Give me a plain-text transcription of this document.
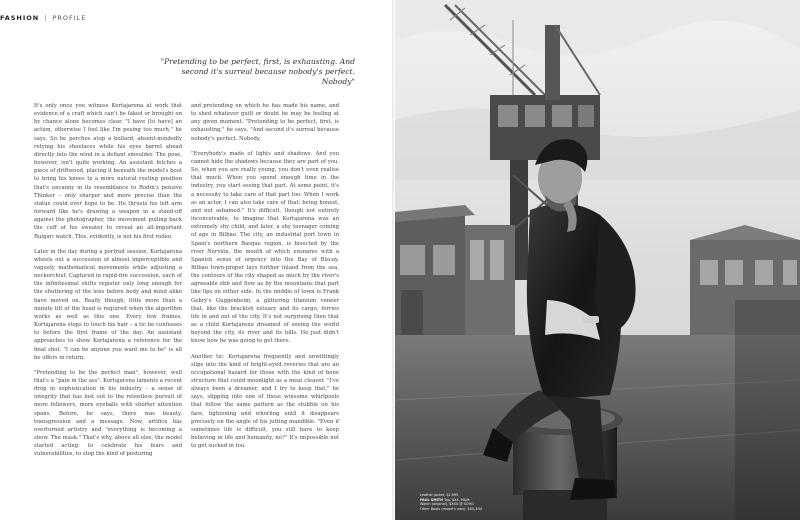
FASHION | PROFILE
"Pretending to be perfect, first, is exhausting. And second it's surreal because nobody's perfect. Nobody"

It's only once you witness Kortajarena at work that evidence of a craft which can't be faked or brought on by chance alone becomes clear. "I have [to have] an action, otherwise I feel like I'm posing too much," he says. So he perches atop a bollard, absent-mindedly retying his shoelaces while his eyes barrel ahead directly into the wind in a defiant smoulder. The pose, however, isn't quite working. An assistant fetches a piece of driftwood, placing it beneath the model's boot to bring his knees to a more natural resting position that's uncanny in its resemblance to Rodin's pensive Thinker – only sharper and more precise than the statue could ever hope to be. He thrusts his left arm forward like he's drawing a weapon in a stand-off against the photographer, the movement pulling back the cuff of his sweater to reveal an all-important Bulgari watch. This, evidently, is not his first rodeo.

Later in the day during a portrait session, Kortajarena wheels out a succession of almost imperceptible and vaguely mathematical movements while adjusting a neckerchief. Captured in rapid-fire succession, each of the infinitesimal shifts register only long enough for the shuttering of the lens before body and mind alike have moved on. Really though, little more than a minute tilt of the head is required when the algorithm works as well as this one. Every few frames, Kortajarena stops to touch his hair – a tic he confesses to before the first frame of the day. An assistant approaches to show Kortajarena a reference for the final shot. "I can be anyone you want me to be" is all he offers in return.

"Pretending to be the perfect man", however, well that's a "pain in the ass". Kortajarena laments a recent drop in sophistication in his industry – a sense of integrity that has lost out to the relentless pursuit of more followers, more eyeballs with shorter attention spans. Before, he says, there was beauty, transgression and a message. Now, artifice has overturned artistry and "everything is becoming a show. The mask." That's why, above all else, the model started acting: to celebrate his fears and vulnerabilities, to stop the kind of posturing

and pretending on which he has made his name, and to shed whatever guilt or doubt he may be feeling at any given moment. "Pretending to be perfect, first, is exhausting," he says. "And second it's surreal because nobody's perfect. Nobody.

"Everybody's made of lights and shadows. And you cannot hide the shadows because they are part of you. So, when you are really young, you don't even realise that much. When you spend enough time in the industry, you start seeing that part. At some point, it's a necessity to take care of that part too. When I work as an actor, I can also take care of that: being honest, and not ashamed." It's difficult, though not entirely inconceivable, to imagine that Kortajarena was an extremely shy child, and later, a shy teenager coming of age in Bilbao. The city, an industrial port town in Spain's northern Basque region, is bisected by the river Nervión, the mouth of which ensnares with a Spanish sense of urgency into the Bay of Biscay. Bilbao town-proper lays further inland from the sea, the contours of the city shaped as much by the river's agreeable ebb and flow as by the mountains that part like lips on either side. In the middle of town is Frank Gehry's Guggenheim, a glittering titanium veneer that, like the brackish estuary and its cargo, ferries life in and out of the city. It's not surprising then that as a child Kortajarena dreamed of seeing the world beyond the city, its river and its hills. He just didn't know how he was going to get there.

Another tic: Kortajarena frequently and unwittingly slips into the kind of bright-eyed reveries that are an occupational hazard for those with the kind of bone structure that could moonlight as a meat cleaver. "I've always been a dreamer, and I try to keep that," he says, slipping into one of these winsome whirlpools that follow the same pattern as the stubble on his face, tightening and whorling until it disappears precisely on the angle of his jutting mandible. "Even if sometimes life is difficult, you still have to keep believing in life and humanity, no?" It's impossible not to get sucked in too.

Leather jacket, $2,995,
PAUL SMITH Top, $XX, M&M
Watch (original), $XXX @ SOHO
Other Boots (model's own), $XX,XXX
